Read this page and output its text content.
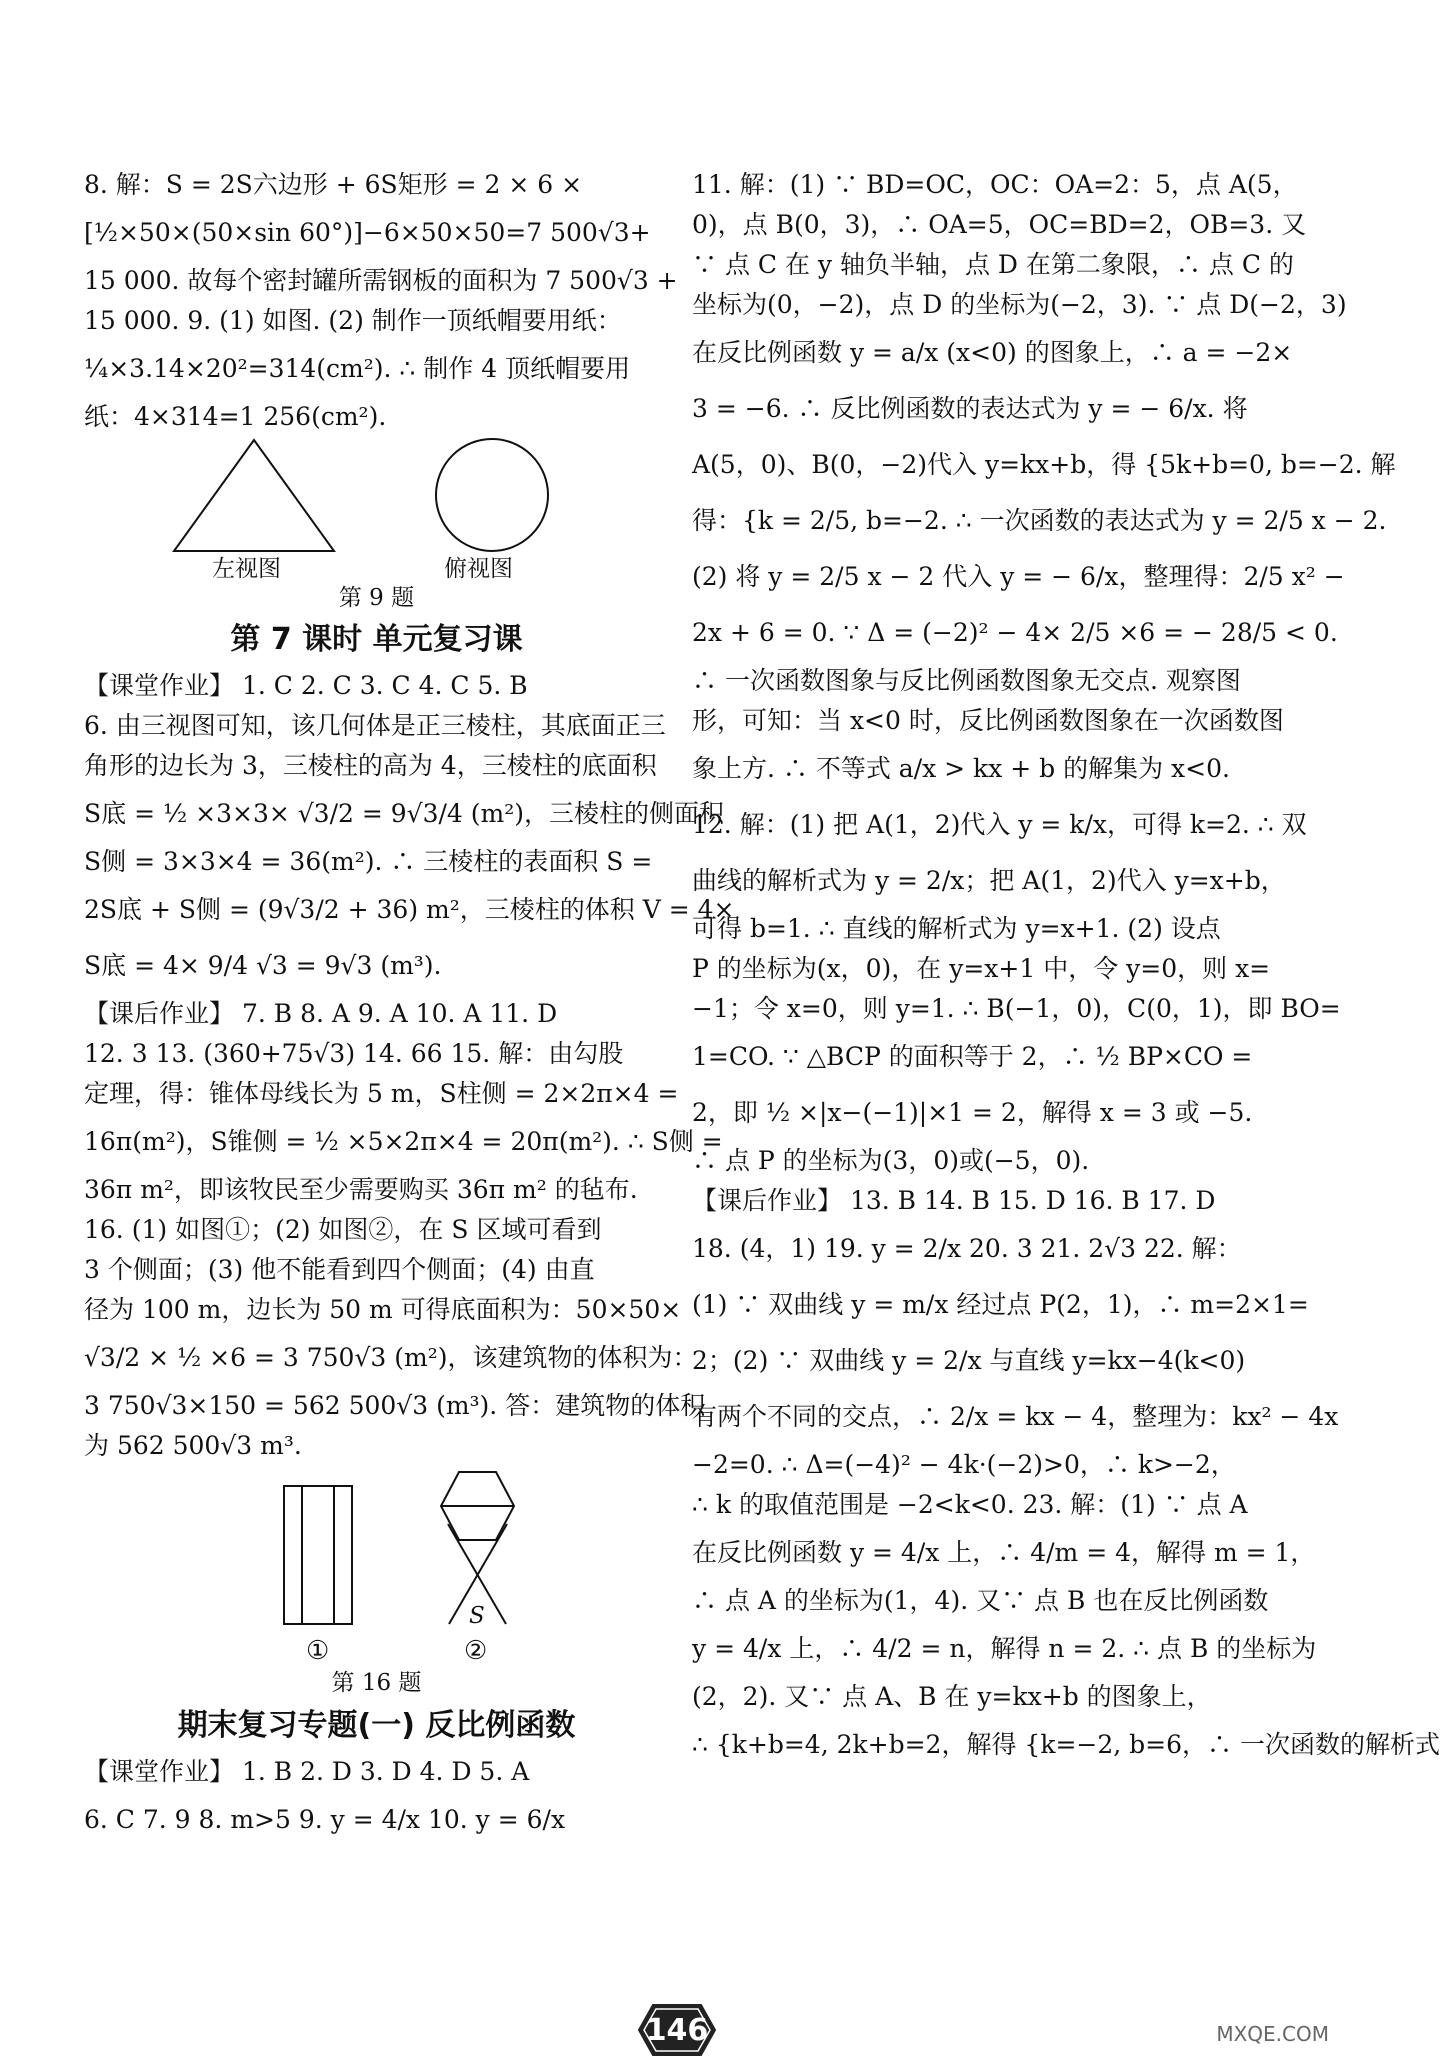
8. 解：S = 2S六边形 + 6S矩形 = 2 × 6 ×
[½×50×(50×sin 60°)]−6×50×50=7 500√3+
15 000. 故每个密封罐所需钢板的面积为 7 500√3 +
15 000. 9. (1) 如图. (2) 制作一顶纸帽要用纸：
¼×3.14×20²=314(cm²). ∴ 制作 4 顶纸帽要用
纸：4×314=1 256(cm²).
左视图	俯视图
第 9 题
第 7 课时 单元复习课
【课堂作业】 1. C 2. C 3. C 4. C 5. B
6. 由三视图可知，该几何体是正三棱柱，其底面正三
角形的边长为 3，三棱柱的高为 4，三棱柱的底面积
S底 = ½ ×3×3× √3/2 = 9√3/4 (m²)，三棱柱的侧面积
S侧 = 3×3×4 = 36(m²). ∴ 三棱柱的表面积 S =
2S底 + S侧 = (9√3/2 + 36) m²，三棱柱的体积 V = 4×
S底 = 4× 9/4 √3 = 9√3 (m³).
【课后作业】 7. B 8. A 9. A 10. A 11. D
12. 3 13. (360+75√3) 14. 66 15. 解：由勾股
定理，得：锥体母线长为 5 m，S柱侧 = 2×2π×4 =
16π(m²)，S锥侧 = ½ ×5×2π×4 = 20π(m²). ∴ S侧 =
36π m²，即该牧民至少需要购买 36π m² 的毡布.
16. (1) 如图①；(2) 如图②，在 S 区域可看到
3 个侧面；(3) 他不能看到四个侧面；(4) 由直
径为 100 m，边长为 50 m 可得底面积为：50×50×
√3/2 × ½ ×6 = 3 750√3 (m²)，该建筑物的体积为：
3 750√3×150 = 562 500√3 (m³). 答：建筑物的体积
为 562 500√3 m³.
S
①	②
第 16 题
期末复习专题(一) 反比例函数
【课堂作业】 1. B 2. D 3. D 4. D 5. A
6. C 7. 9 8. m>5 9. y = 4/x 10. y = 6/x
11. 解：(1) ∵ BD=OC，OC：OA=2：5，点 A(5，
0)，点 B(0，3)，∴ OA=5，OC=BD=2，OB=3. 又
∵ 点 C 在 y 轴负半轴，点 D 在第二象限，∴ 点 C 的
坐标为(0，−2)，点 D 的坐标为(−2，3). ∵ 点 D(−2，3)
在反比例函数 y = a/x (x<0) 的图象上，∴ a = −2×
3 = −6. ∴ 反比例函数的表达式为 y = − 6/x. 将
A(5，0)、B(0，−2)代入 y=kx+b，得 {5k+b=0, b=−2. 解
得：{k = 2/5, b=−2. ∴ 一次函数的表达式为 y = 2/5 x − 2.
(2) 将 y = 2/5 x − 2 代入 y = − 6/x，整理得：2/5 x² −
2x + 6 = 0. ∵ Δ = (−2)² − 4× 2/5 ×6 = − 28/5 < 0.
∴ 一次函数图象与反比例函数图象无交点. 观察图
形，可知：当 x<0 时，反比例函数图象在一次函数图
象上方. ∴ 不等式 a/x > kx + b 的解集为 x<0.
12. 解：(1) 把 A(1，2)代入 y = k/x，可得 k=2. ∴ 双
曲线的解析式为 y = 2/x；把 A(1，2)代入 y=x+b，
可得 b=1. ∴ 直线的解析式为 y=x+1. (2) 设点
P 的坐标为(x，0)，在 y=x+1 中，令 y=0，则 x=
−1；令 x=0，则 y=1. ∴ B(−1，0)，C(0，1)，即 BO=
1=CO. ∵ △BCP 的面积等于 2，∴ ½ BP×CO =
2，即 ½ ×|x−(−1)|×1 = 2，解得 x = 3 或 −5.
∴ 点 P 的坐标为(3，0)或(−5，0).
【课后作业】 13. B 14. B 15. D 16. B 17. D
18. (4，1) 19. y = 2/x 20. 3 21. 2√3 22. 解：
(1) ∵ 双曲线 y = m/x 经过点 P(2，1)，∴ m=2×1=
2；(2) ∵ 双曲线 y = 2/x 与直线 y=kx−4(k<0)
有两个不同的交点，∴ 2/x = kx − 4，整理为：kx² − 4x
−2=0. ∴ Δ=(−4)² − 4k·(−2)>0，∴ k>−2，
∴ k 的取值范围是 −2<k<0. 23. 解：(1) ∵ 点 A
在反比例函数 y = 4/x 上，∴ 4/m = 4，解得 m = 1，
∴ 点 A 的坐标为(1，4). 又∵ 点 B 也在反比例函数
y = 4/x 上，∴ 4/2 = n，解得 n = 2. ∴ 点 B 的坐标为
(2，2). 又∵ 点 A、B 在 y=kx+b 的图象上，
∴ {k+b=4, 2k+b=2，解得 {k=−2, b=6，∴ 一次函数的解析式
146	MXQE.COM
